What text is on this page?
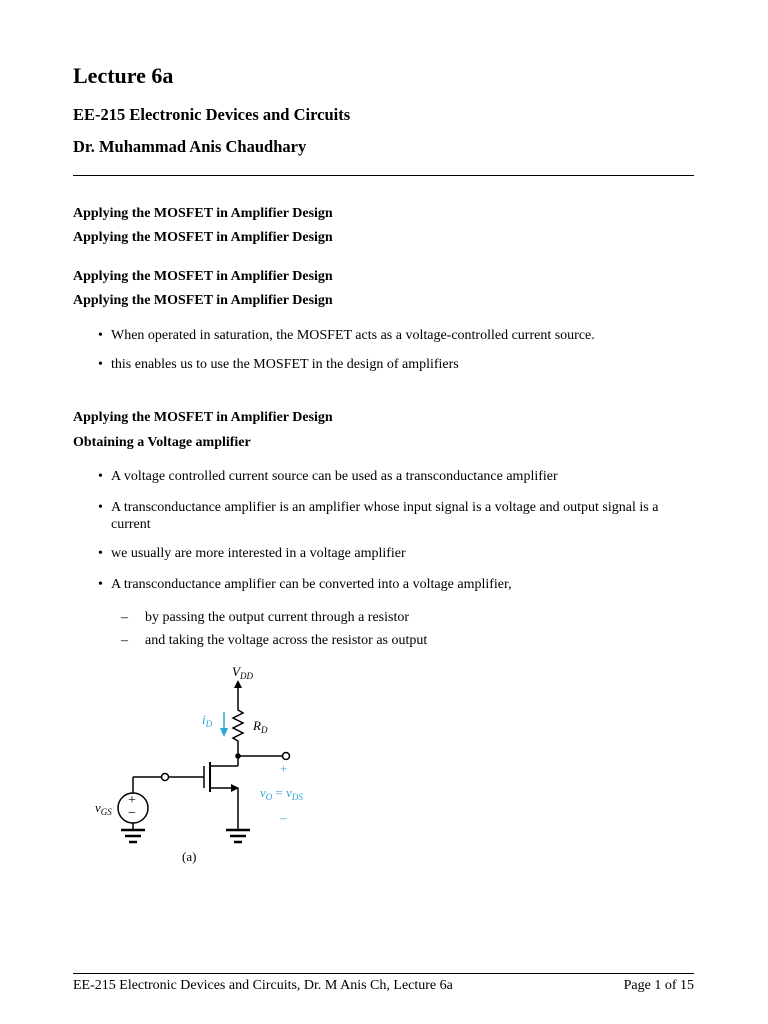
Lecture 6a
EE-215 Electronic Devices and Circuits
Dr. Muhammad Anis Chaudhary

Applying the MOSFET in Amplifier Design

Applying the MOSFET in Amplifier Design

Applying the MOSFET in Amplifier Design

Applying the MOSFET in Amplifier Design

• When operated in saturation, the MOSFET acts as a voltage-controlled current source.
• this enables us to use the MOSFET in the design of amplifiers

Applying the MOSFET in Amplifier Design

Obtaining a Voltage amplifier

• A voltage controlled current source can be used as a transconductance amplifier
• A transconductance amplifier is an amplifier whose input signal is a voltage and output signal is a current
• we usually are more interested in a voltage amplifier
• A transconductance amplifier can be converted into a voltage amplifier,
– by passing the output current through a resistor
– and taking the voltage across the resistor as output
$V_{DD}$
$i_D$	$R_D$
+
$v_O = v_{DS}$
–
$v_{GS}$
+
−
(a)
EE-215 Electronic Devices and Circuits, Dr. M Anis Ch, Lecture 6a	Page 1 of 15
